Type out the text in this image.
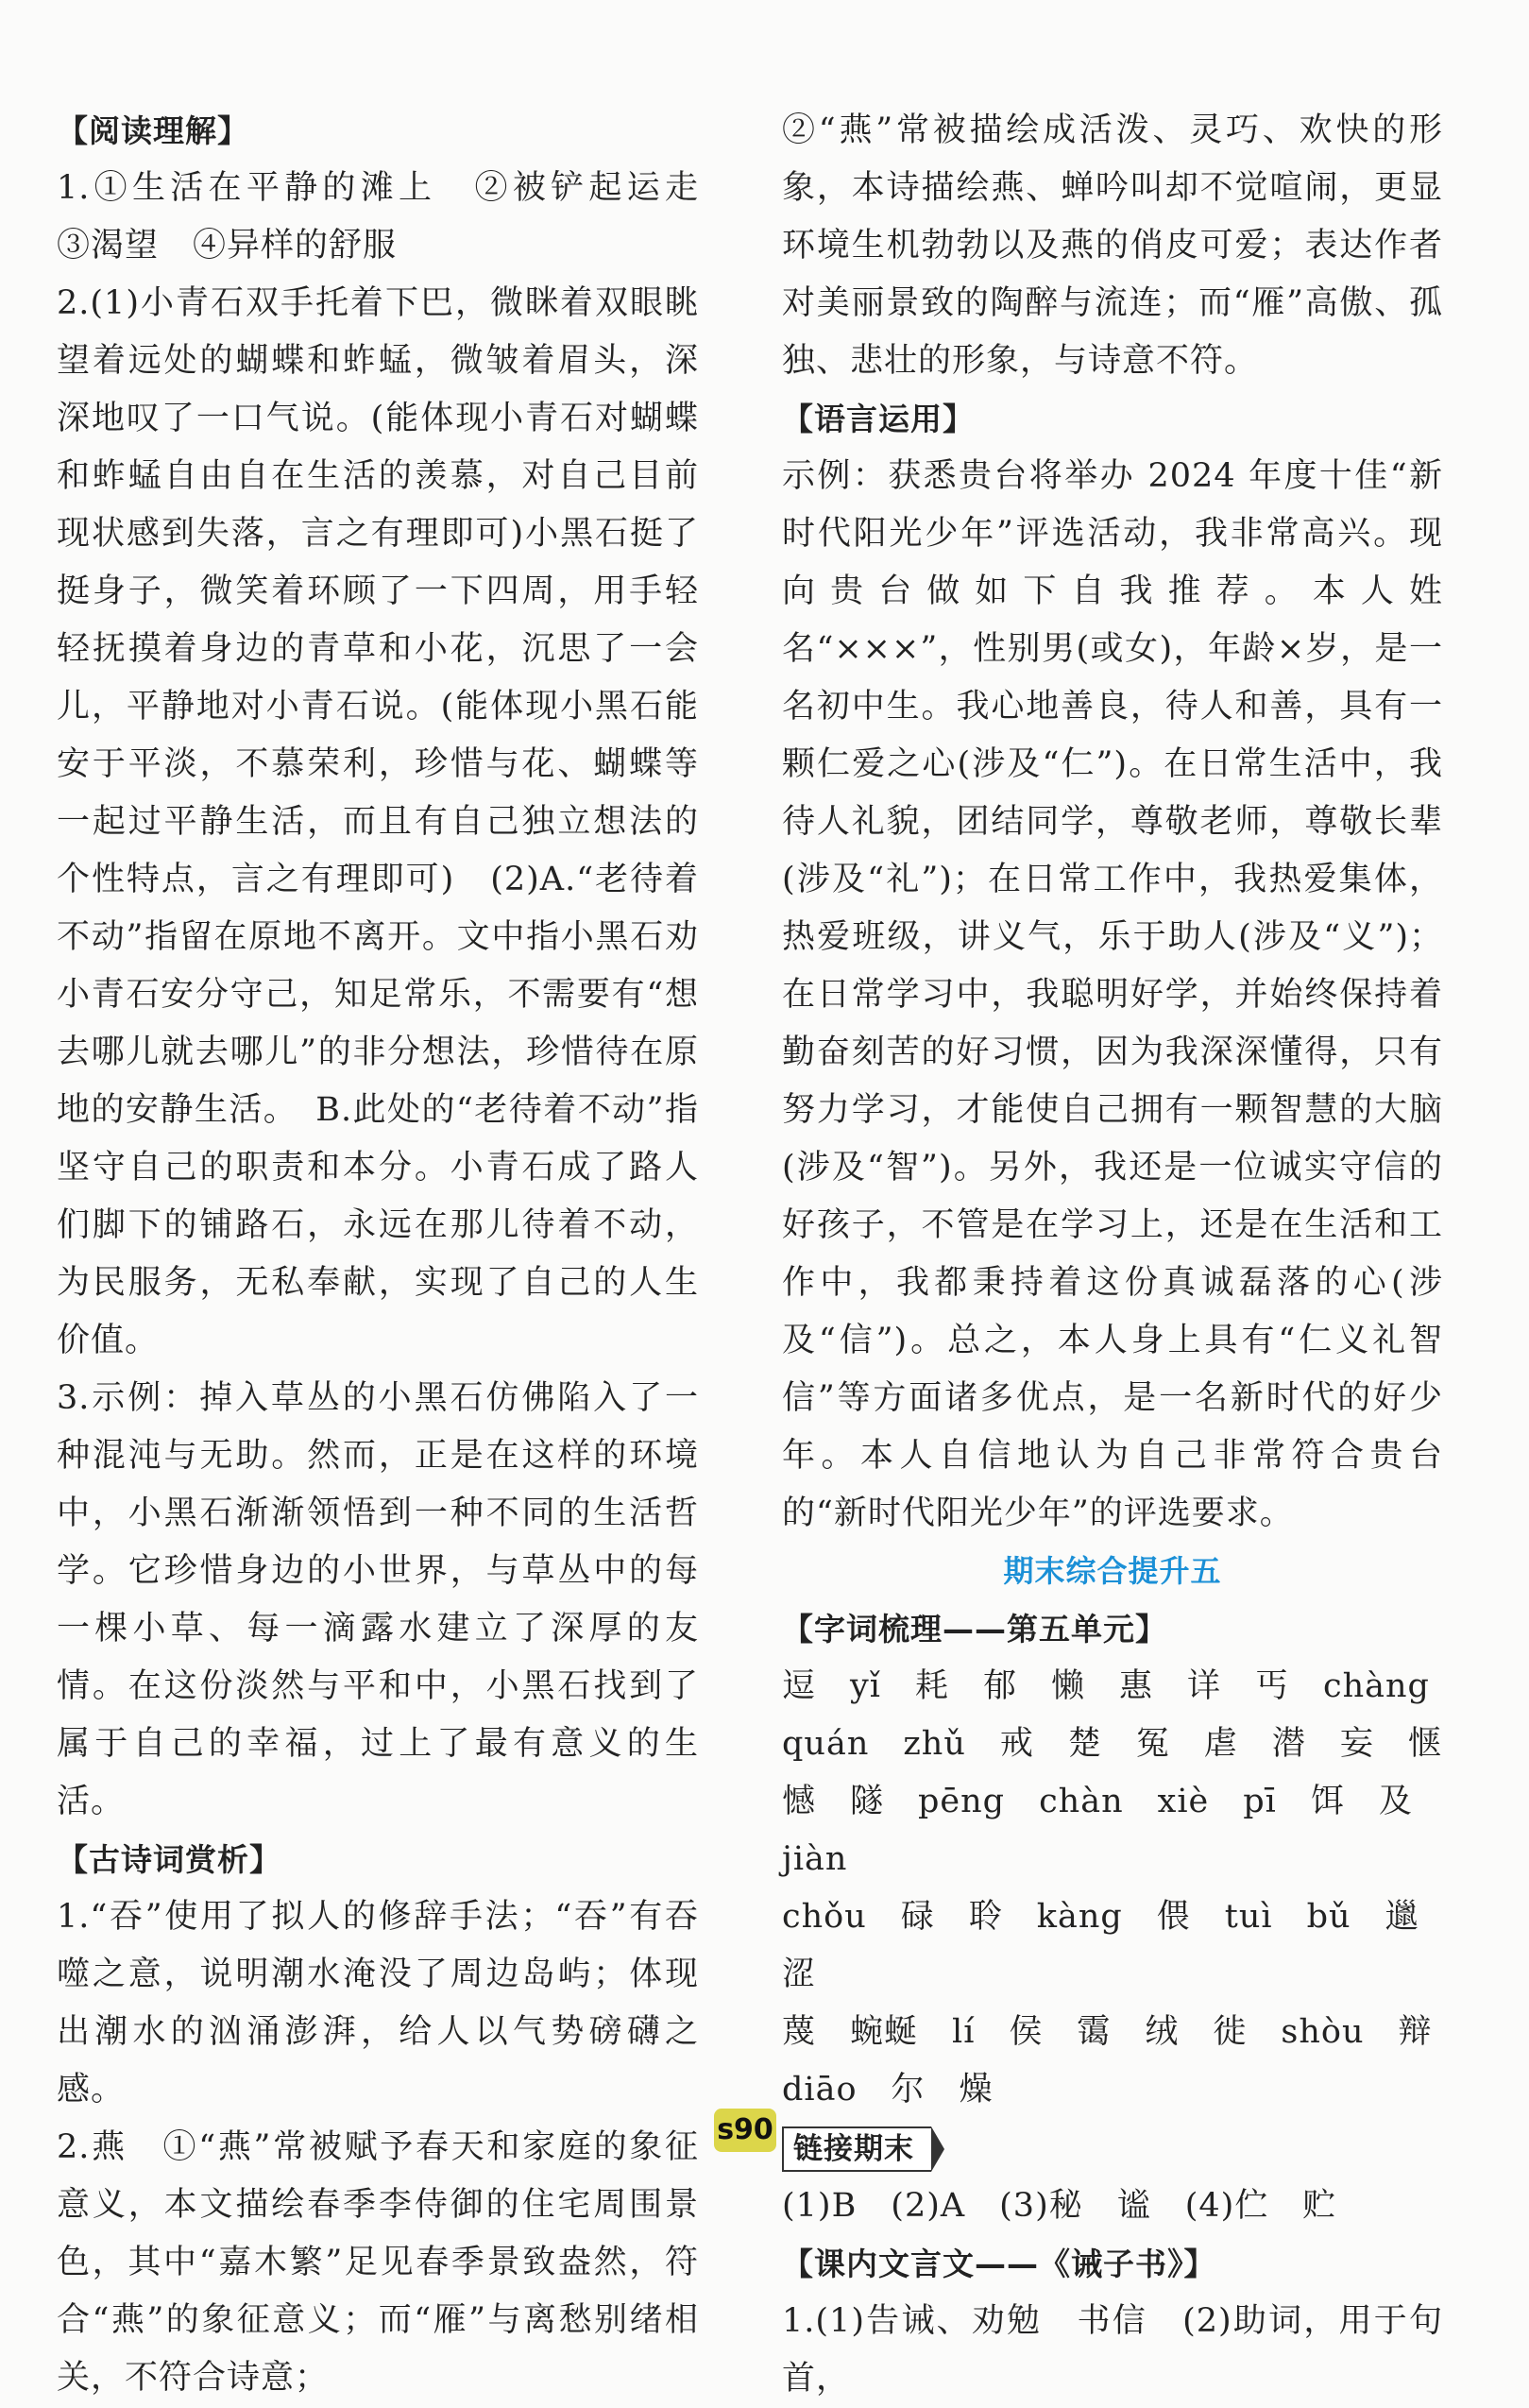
【阅读理解】

1.①生活在平静的滩上　②被铲起运走　③渴望　④异样的舒服

2.(1)小青石双手托着下巴，微眯着双眼眺望着远处的蝴蝶和蚱蜢，微皱着眉头，深深地叹了一口气说。(能体现小青石对蝴蝶和蚱蜢自由自在生活的羡慕，对自己目前现状感到失落，言之有理即可)小黑石挺了挺身子，微笑着环顾了一下四周，用手轻轻抚摸着身边的青草和小花，沉思了一会儿，平静地对小青石说。(能体现小黑石能安于平淡，不慕荣利，珍惜与花、蝴蝶等一起过平静生活，而且有自己独立想法的个性特点，言之有理即可)　(2)A.“老待着不动”指留在原地不离开。文中指小黑石劝小青石安分守己，知足常乐，不需要有“想去哪儿就去哪儿”的非分想法，珍惜待在原地的安静生活。　B.此处的“老待着不动”指坚守自己的职责和本分。小青石成了路人们脚下的铺路石，永远在那儿待着不动，为民服务，无私奉献，实现了自己的人生价值。

3.示例：掉入草丛的小黑石仿佛陷入了一种混沌与无助。然而，正是在这样的环境中，小黑石渐渐领悟到一种不同的生活哲学。它珍惜身边的小世界，与草丛中的每一棵小草、每一滴露水建立了深厚的友情。在这份淡然与平和中，小黑石找到了属于自己的幸福，过上了最有意义的生活。

【古诗词赏析】

1.“吞”使用了拟人的修辞手法；“吞”有吞噬之意，说明潮水淹没了周边岛屿；体现出潮水的汹涌澎湃，给人以气势磅礴之感。

2.燕　①“燕”常被赋予春天和家庭的象征意义，本文描绘春季李侍御的住宅周围景色，其中“嘉木繁”足见春季景致盎然，符合“燕”的象征意义；而“雁”与离愁别绪相关，不符合诗意；

②“燕”常被描绘成活泼、灵巧、欢快的形象，本诗描绘燕、蝉吟叫却不觉喧闹，更显环境生机勃勃以及燕的俏皮可爱；表达作者对美丽景致的陶醉与流连；而“雁”高傲、孤独、悲壮的形象，与诗意不符。

【语言运用】

示例：获悉贵台将举办 2024 年度十佳“新时代阳光少年”评选活动，我非常高兴。现向贵台做如下自我推荐。本人姓名“×××”，性别男(或女)，年龄×岁，是一名初中生。我心地善良，待人和善，具有一颗仁爱之心(涉及“仁”)。在日常生活中，我待人礼貌，团结同学，尊敬老师，尊敬长辈(涉及“礼”)；在日常工作中，我热爱集体，热爱班级，讲义气，乐于助人(涉及“义”)；在日常学习中，我聪明好学，并始终保持着勤奋刻苦的好习惯，因为我深深懂得，只有努力学习，才能使自己拥有一颗智慧的大脑(涉及“智”)。另外，我还是一位诚实守信的好孩子，不管是在学习上，还是在生活和工作中，我都秉持着这份真诚磊落的心(涉及“信”)。总之，本人身上具有“仁义礼智信”等方面诸多优点，是一名新时代的好少年。本人自信地认为自己非常符合贵台的“新时代阳光少年”的评选要求。

期末综合提升五
【字词梳理——第五单元】

逗　yǐ　耗　郁　懒　惠　详　丐　chàng

quán　zhǔ　戒　楚　冤　虐　潜　妄　惬

憾　隧　pēng　chàn　xiè　pī　饵　及　jiàn

chǒu　碌　聆　kàng　偎　tuì　bǔ　邋　涩

蔑　蜿蜒　lí　侯　霭　绒　徙　shòu　辩

diāo　尔　燥

链接期末

(1)B　(2)A　(3)秘　谧　(4)伫　贮

【课内文言文——《诫子书》】

1.(1)告诫、劝勉　书信　(2)助词，用于句首，

s90
